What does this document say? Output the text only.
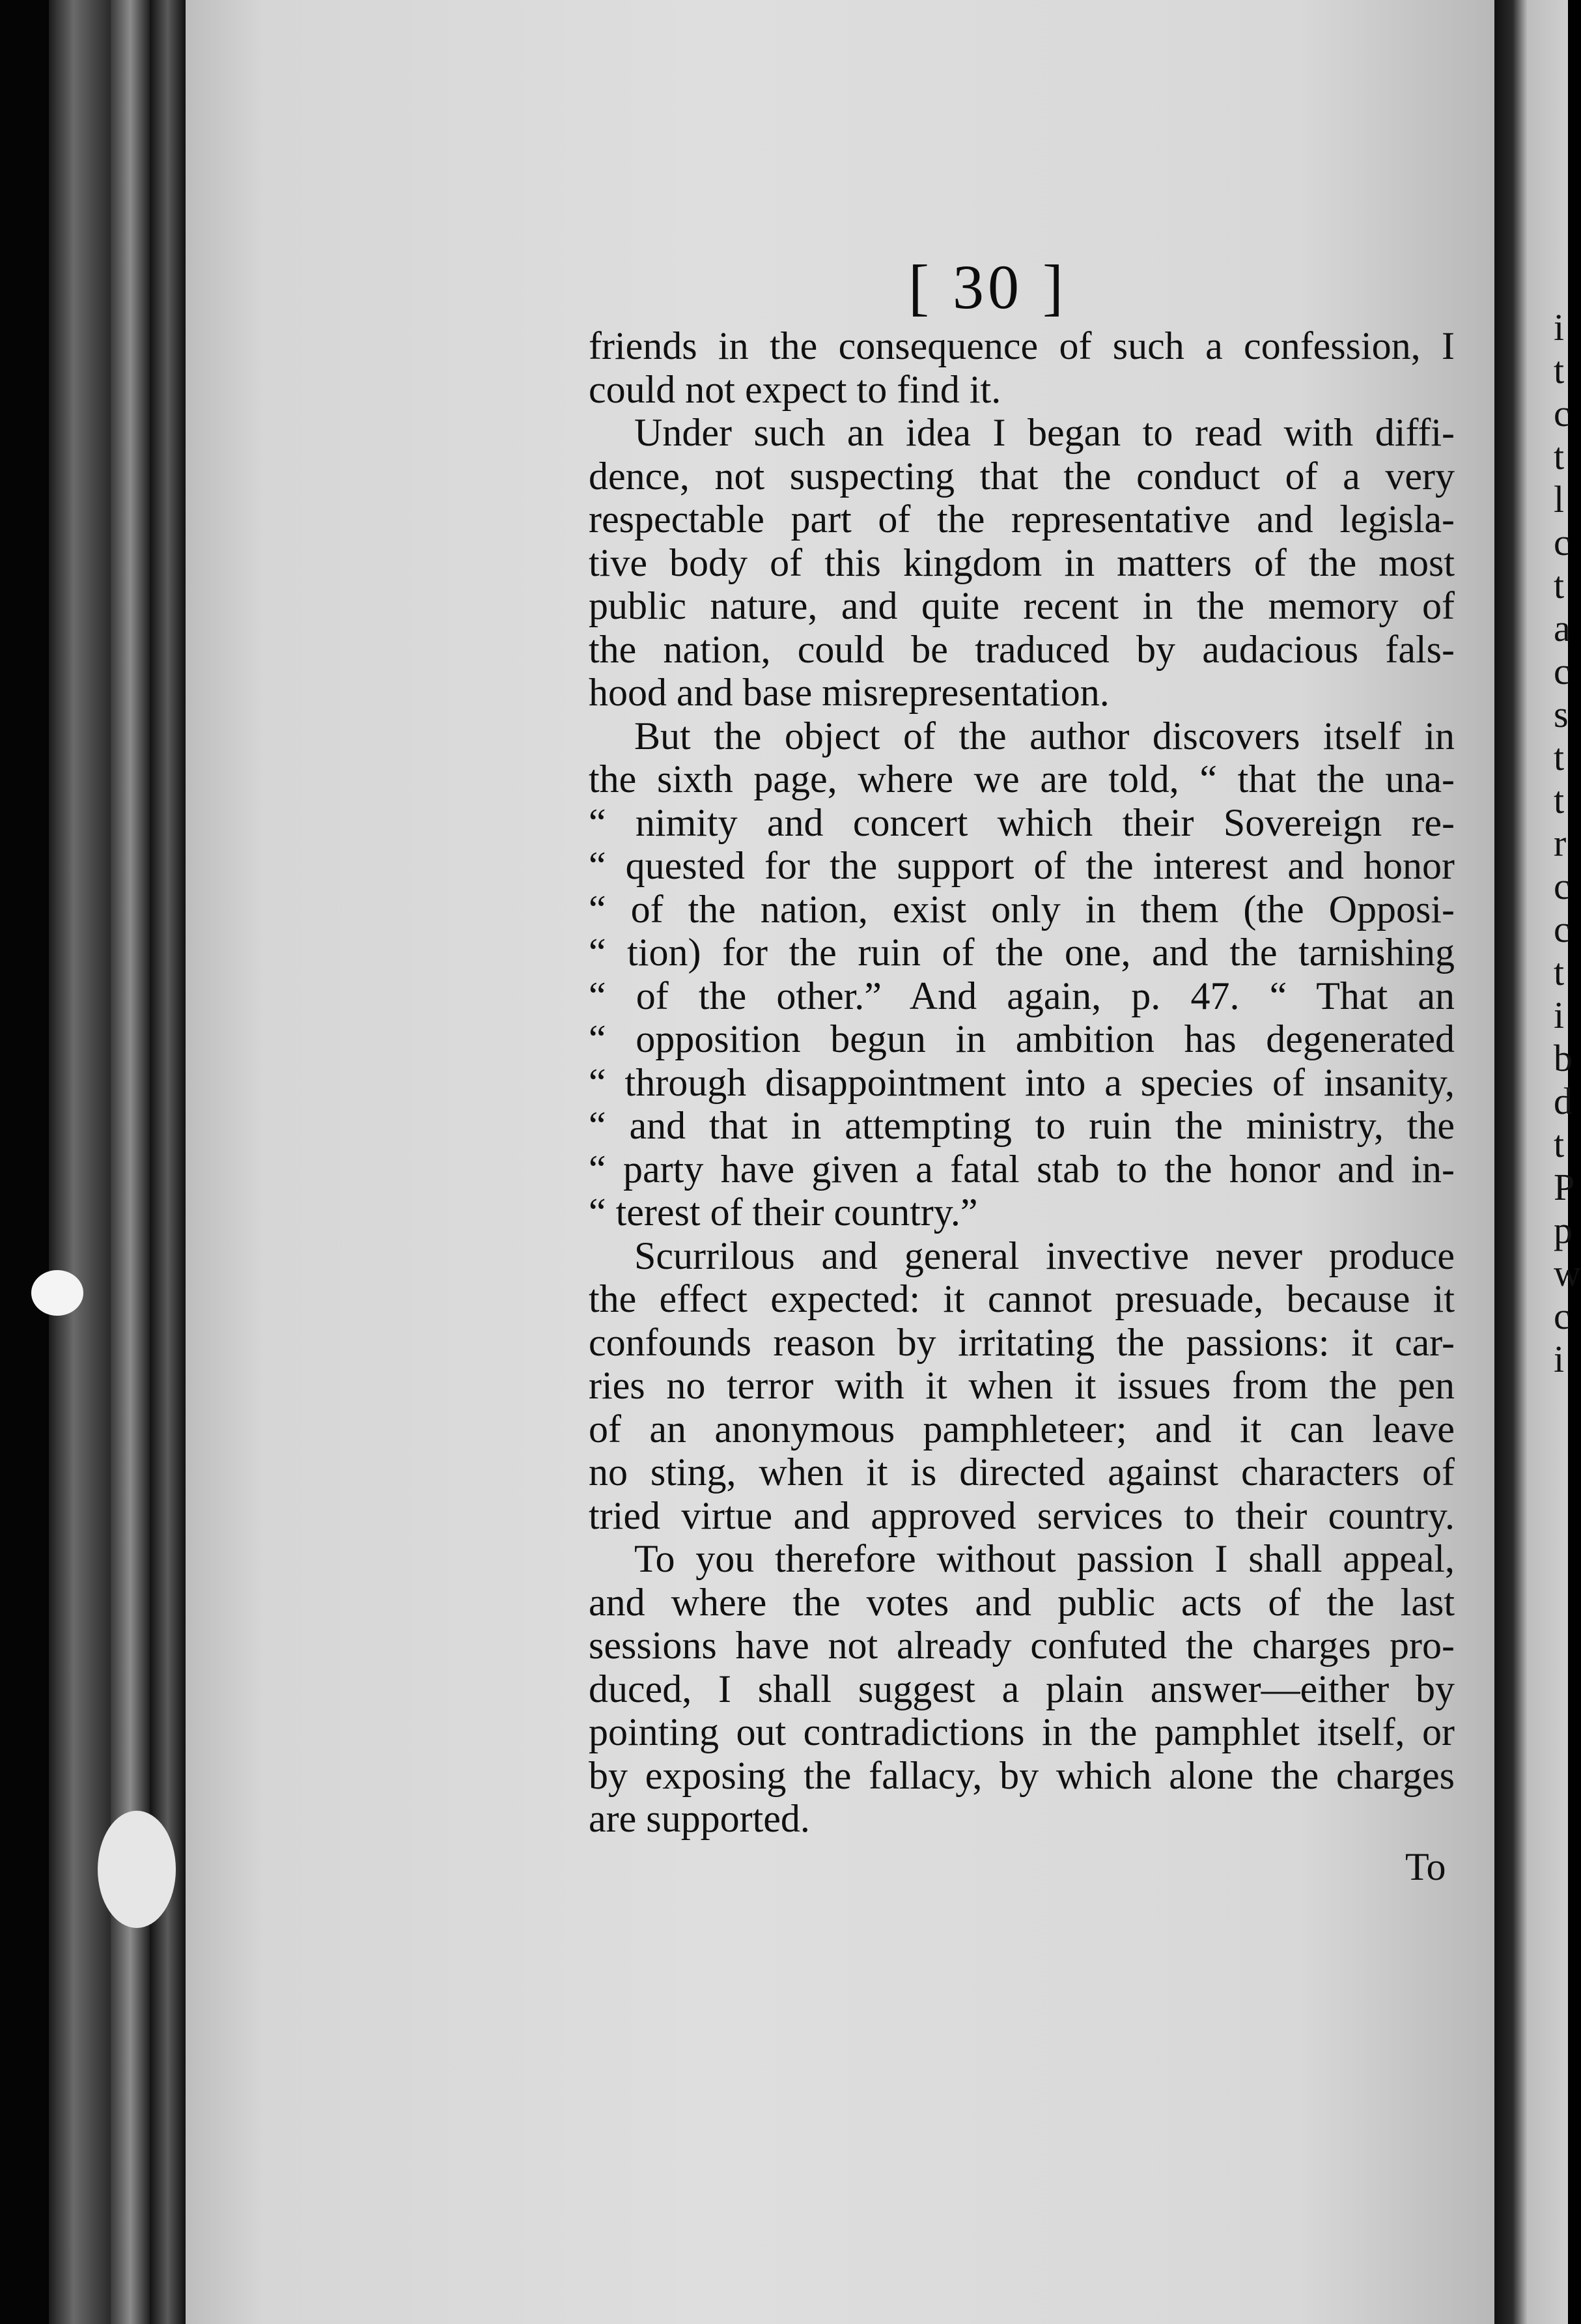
i
t
c
t
l
c
t
a
c
s
t
t
r
c
c
t
i
b
d
t
P
p
w
c
i
[ 30 ]

friends in the consequence of such a confession, I
could not expect to find it.

Under such an idea I began to read with diffi-
dence, not suspecting that the conduct of a very
respectable part of the representative and legisla-
tive body of this kingdom in matters of the most
public nature, and quite recent in the memory of
the nation, could be traduced by audacious fals-
hood and base misrepresentation.

But the object of the author discovers itself in
the sixth page, where we are told, “ that the una-
“ nimity and concert which their Sovereign re-
“ quested for the support of the interest and honor
“ of the nation, exist only in them (the Opposi-
“ tion) for the ruin of the one, and the tarnishing
“ of the other.” And again, p. 47. “ That an
“ opposition begun in ambition has degenerated
“ through disappointment into a species of insanity,
“ and that in attempting to ruin the ministry, the
“ party have given a fatal stab to the honor and in-
“ terest of their country.”

Scurrilous and general invective never produce
the effect expected: it cannot presuade, because it
confounds reason by irritating the passions: it car-
ries no terror with it when it issues from the pen
of an anonymous pamphleteer; and it can leave
no sting, when it is directed against characters of
tried virtue and approved services to their country.

To you therefore without passion I shall appeal,
and where the votes and public acts of the last
sessions have not already confuted the charges pro-
duced, I shall suggest a plain answer—either by
pointing out contradictions in the pamphlet itself, or
by exposing the fallacy, by which alone the charges
are supported.

To
